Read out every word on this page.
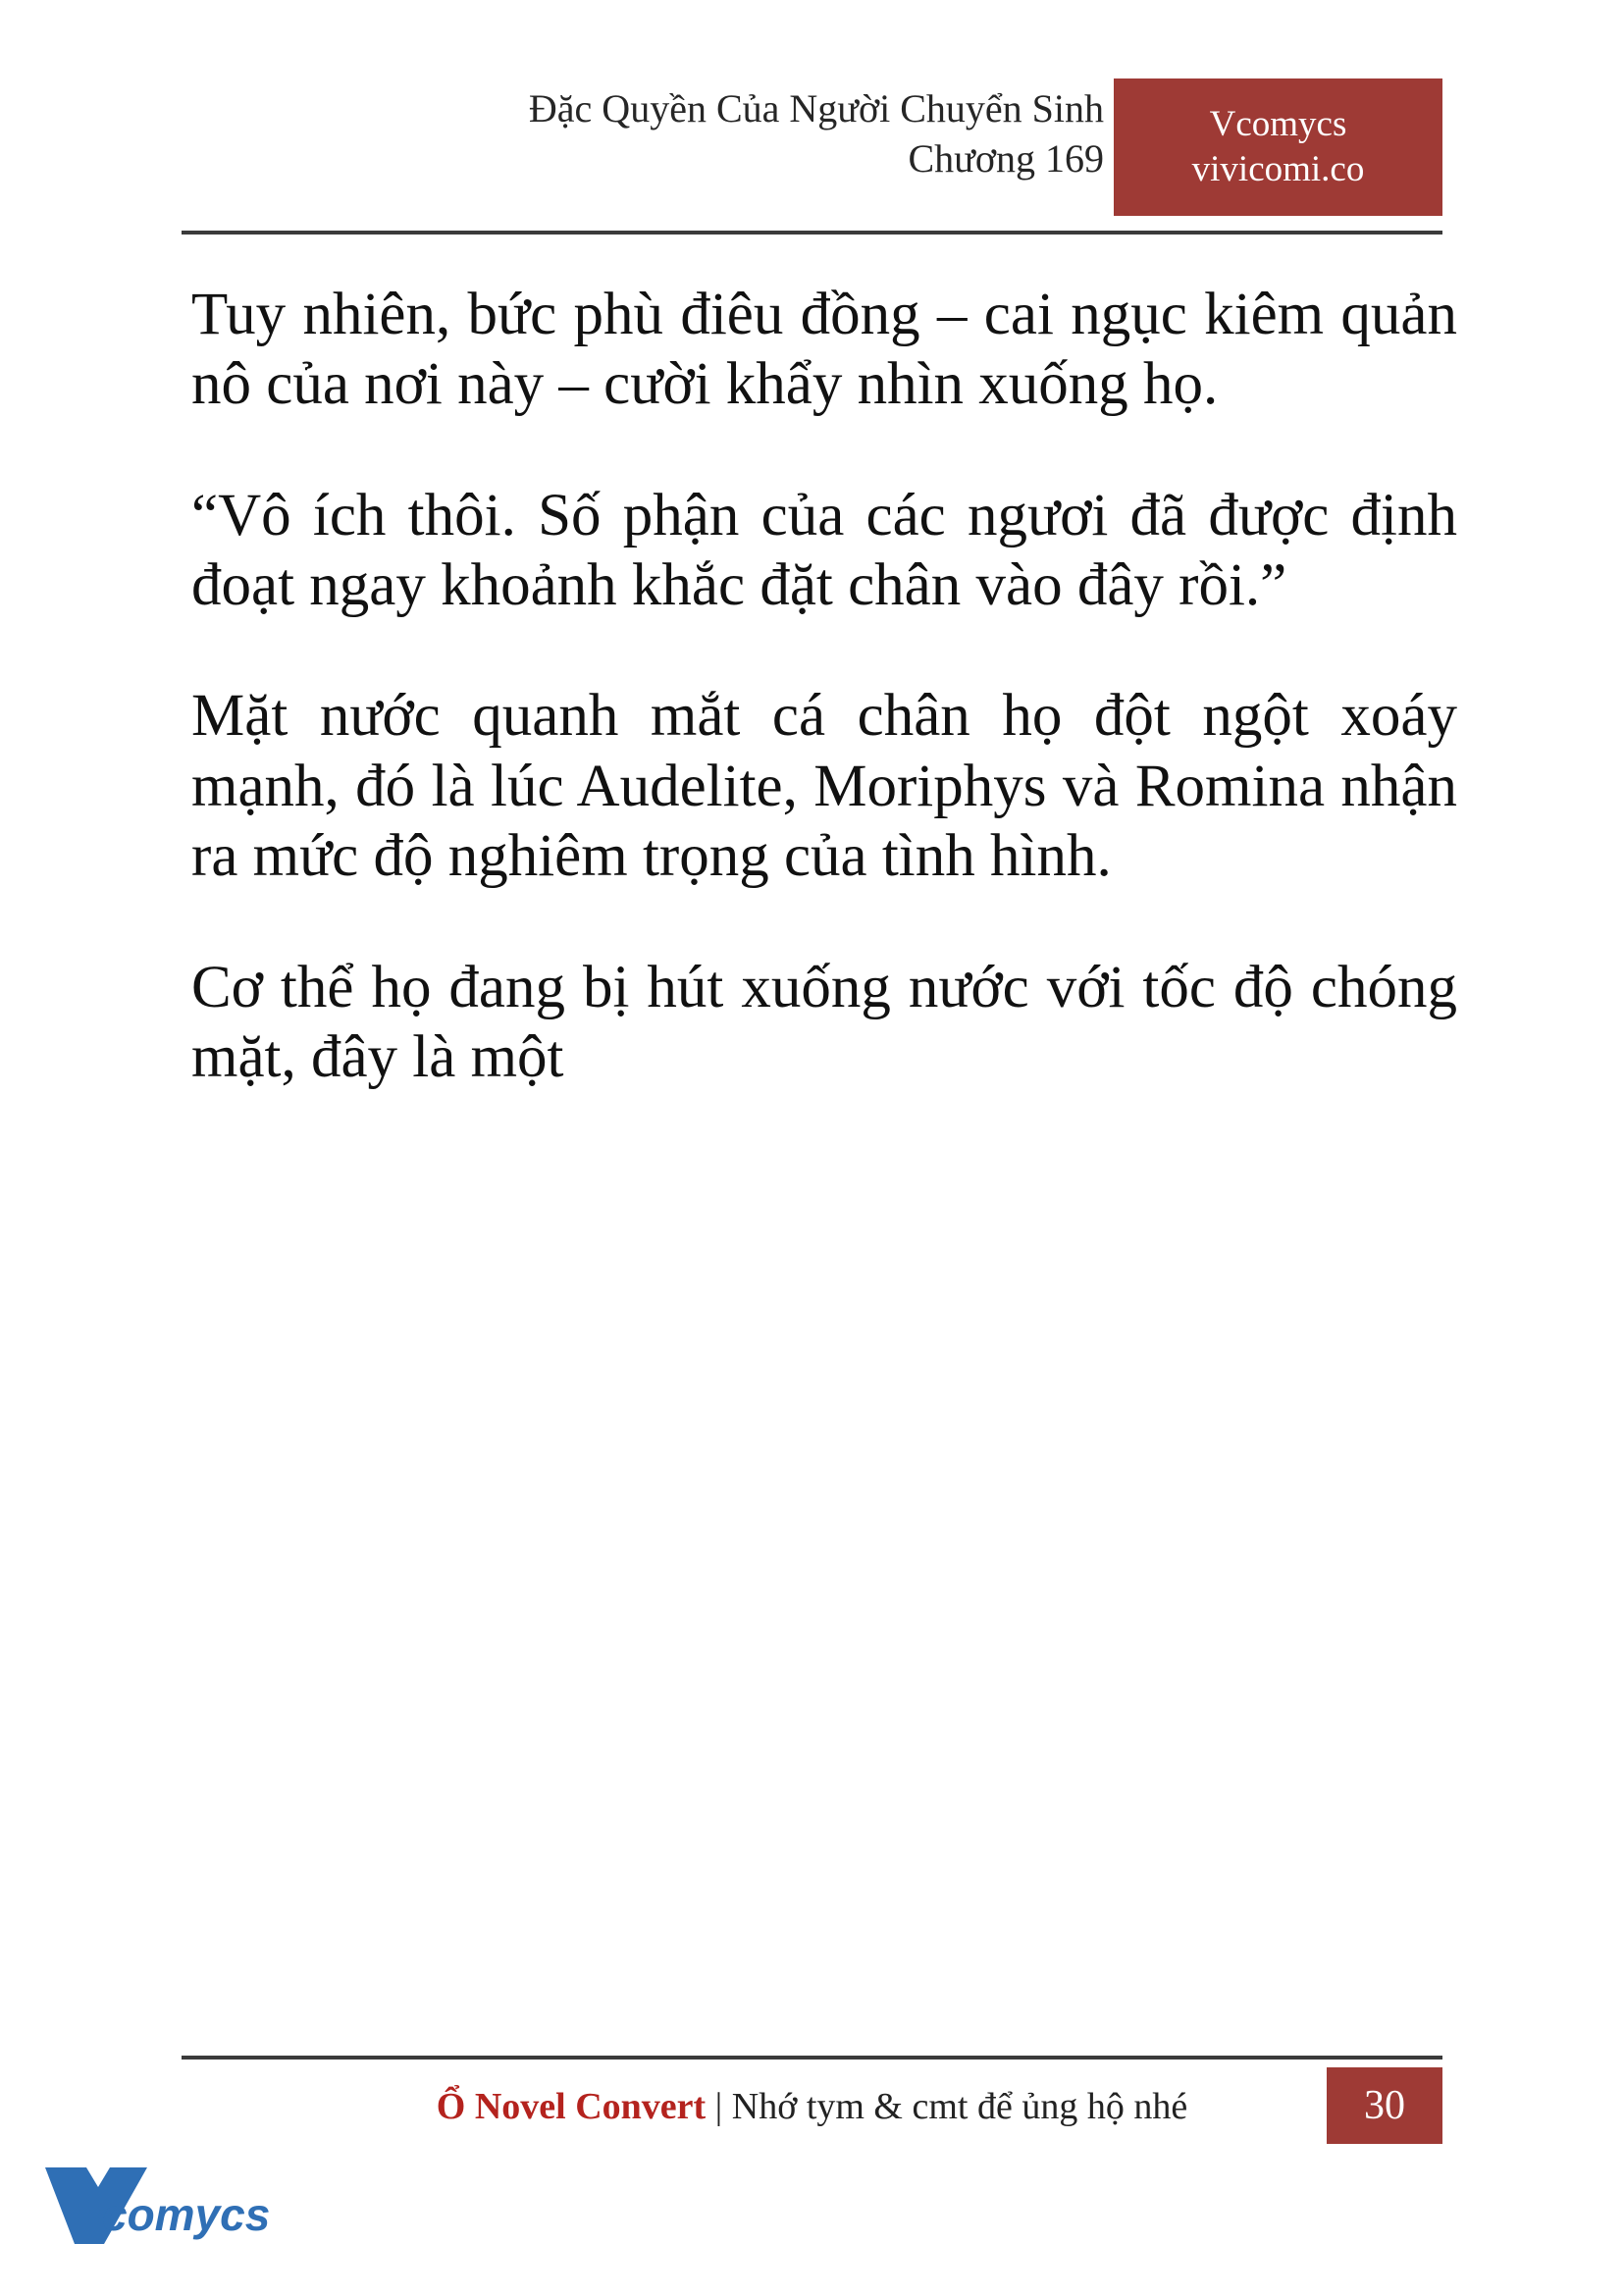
Đặc Quyền Của Người Chuyển Sinh
Chương 169
Vcomycs
vivicomi.co

Tuy nhiên, bức phù điêu đồng – cai ngục kiêm quản nô của nơi này – cười khẩy nhìn xuống họ.

“Vô ích thôi. Số phận của các ngươi đã được định đoạt ngay khoảnh khắc đặt chân vào đây rồi.”

Mặt nước quanh mắt cá chân họ đột ngột xoáy mạnh, đó là lúc Audelite, Moriphys và Romina nhận ra mức độ nghiêm trọng của tình hình.

Cơ thể họ đang bị hút xuống nước với tốc độ chóng mặt, đây là một

Ổ Novel Convert | Nhớ tym & cmt để ủng hộ nhé	30
comycs
